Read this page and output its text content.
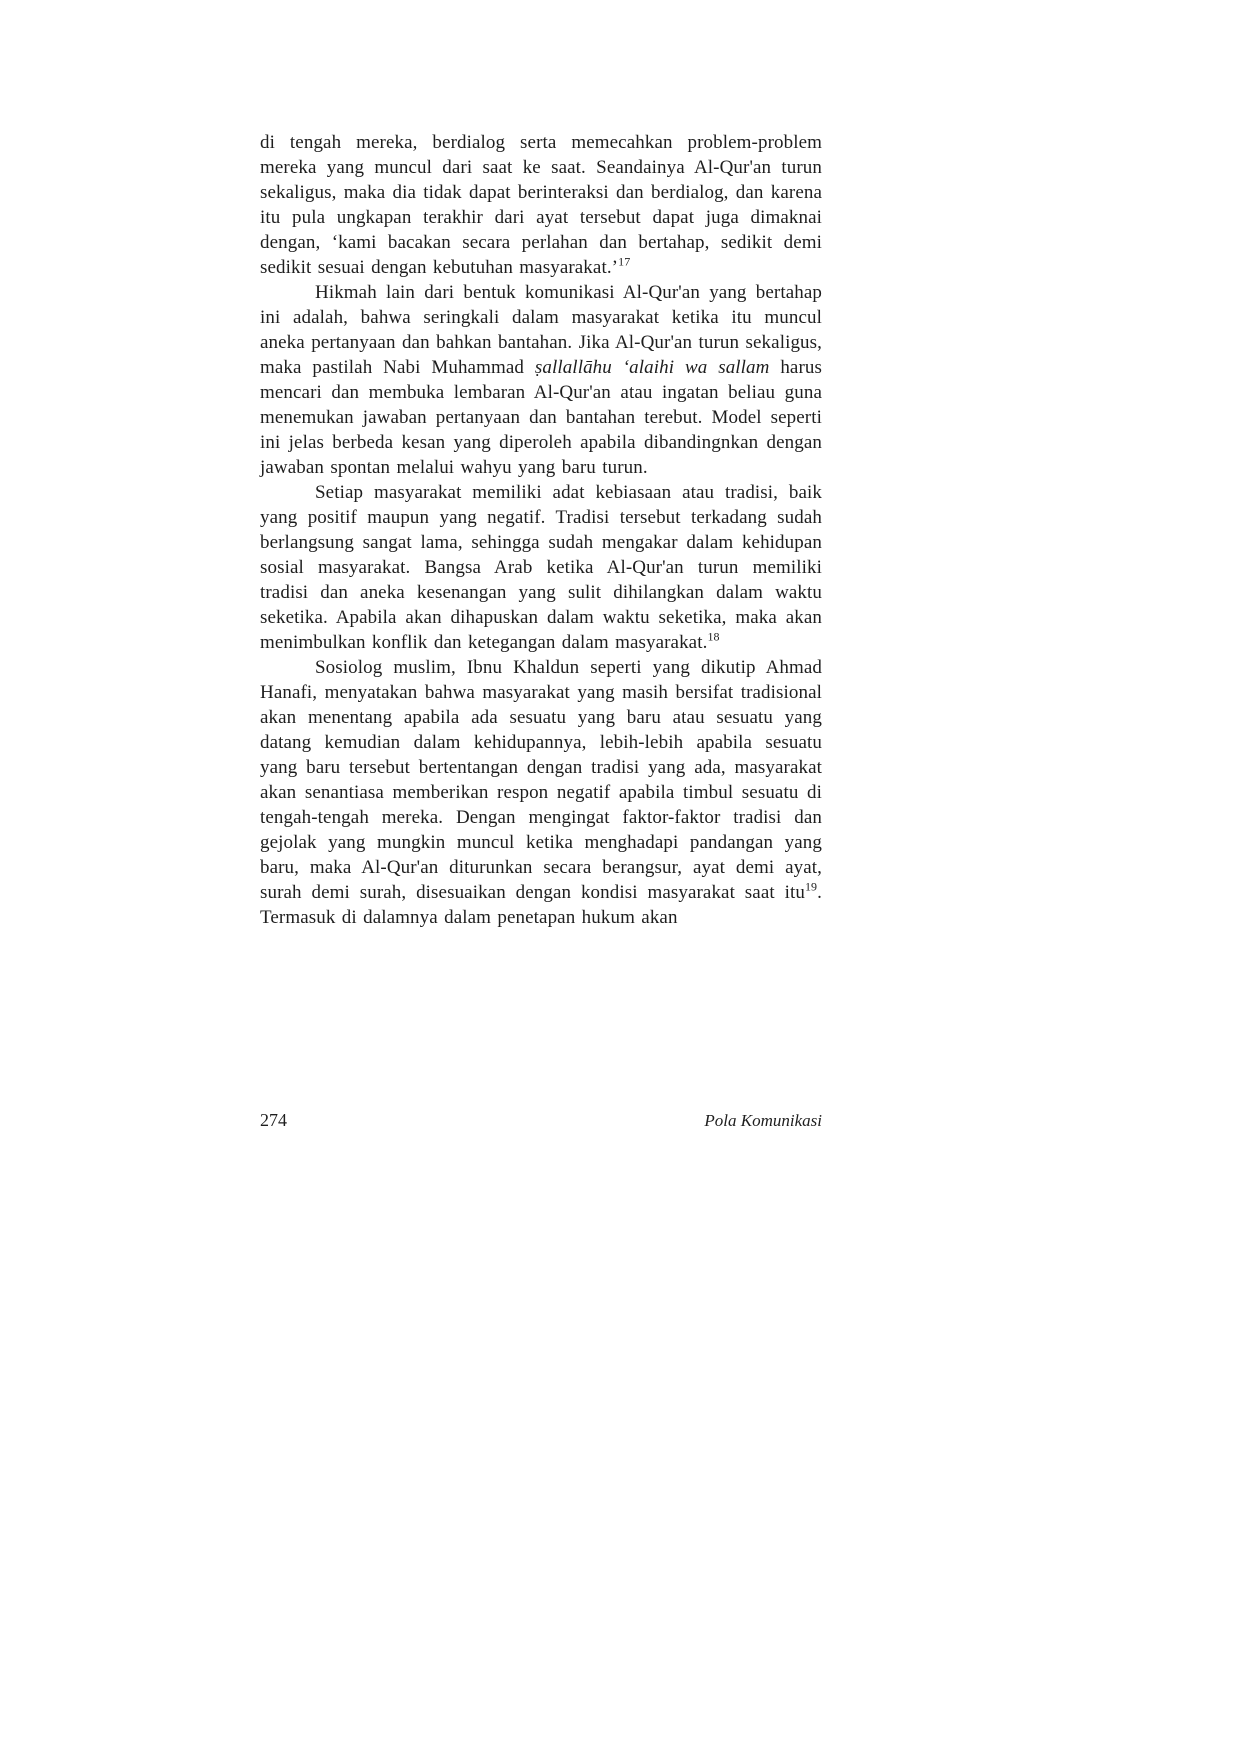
di tengah mereka, berdialog serta memecahkan problem-problem mereka yang muncul dari saat ke saat. Seandainya Al-Qur'an turun sekaligus, maka dia tidak dapat berinteraksi dan berdialog, dan karena itu pula ungkapan terakhir dari ayat tersebut dapat juga dimaknai dengan, ‘kami bacakan secara perlahan dan bertahap, sedikit demi sedikit sesuai dengan kebutuhan masyarakat.’$^{17}$

Hikmah lain dari bentuk komunikasi Al-Qur'an yang bertahap ini adalah, bahwa seringkali dalam masyarakat ketika itu muncul aneka pertanyaan dan bahkan bantahan. Jika Al-Qur'an turun sekaligus, maka pastilah Nabi Muhammad ṣallallāhu ‘alaihi wa sallam harus mencari dan membuka lembaran Al-Qur'an atau ingatan beliau guna menemukan jawaban pertanyaan dan bantahan terebut. Model seperti ini jelas berbeda kesan yang diperoleh apabila dibandingnkan dengan jawaban spontan melalui wahyu yang baru turun.

Setiap masyarakat memiliki adat kebiasaan atau tradisi, baik yang positif maupun yang negatif. Tradisi tersebut terkadang sudah berlangsung sangat lama, sehingga sudah mengakar dalam kehidupan sosial masyarakat. Bangsa Arab ketika Al-Qur'an turun memiliki tradisi dan aneka kesenangan yang sulit dihilangkan dalam waktu seketika. Apabila akan dihapuskan dalam waktu seketika, maka akan menimbulkan konflik dan ketegangan dalam masyarakat.$^{18}$

Sosiolog muslim, Ibnu Khaldun seperti yang dikutip Ahmad Hanafi, menyatakan bahwa masyarakat yang masih bersifat tradisional akan menentang apabila ada sesuatu yang baru atau sesuatu yang datang kemudian dalam kehidupannya, lebih-lebih apabila sesuatu yang baru tersebut bertentangan dengan tradisi yang ada, masyarakat akan senantiasa memberikan respon negatif apabila timbul sesuatu di tengah-tengah mereka. Dengan mengingat faktor-faktor tradisi dan gejolak yang mungkin muncul ketika menghadapi pandangan yang baru, maka Al-Qur'an diturunkan secara berangsur, ayat demi ayat, surah demi surah, disesuaikan dengan kondisi masyarakat saat itu$^{19}$. Termasuk di dalamnya dalam penetapan hukum akan

274	Pola Komunikasi
